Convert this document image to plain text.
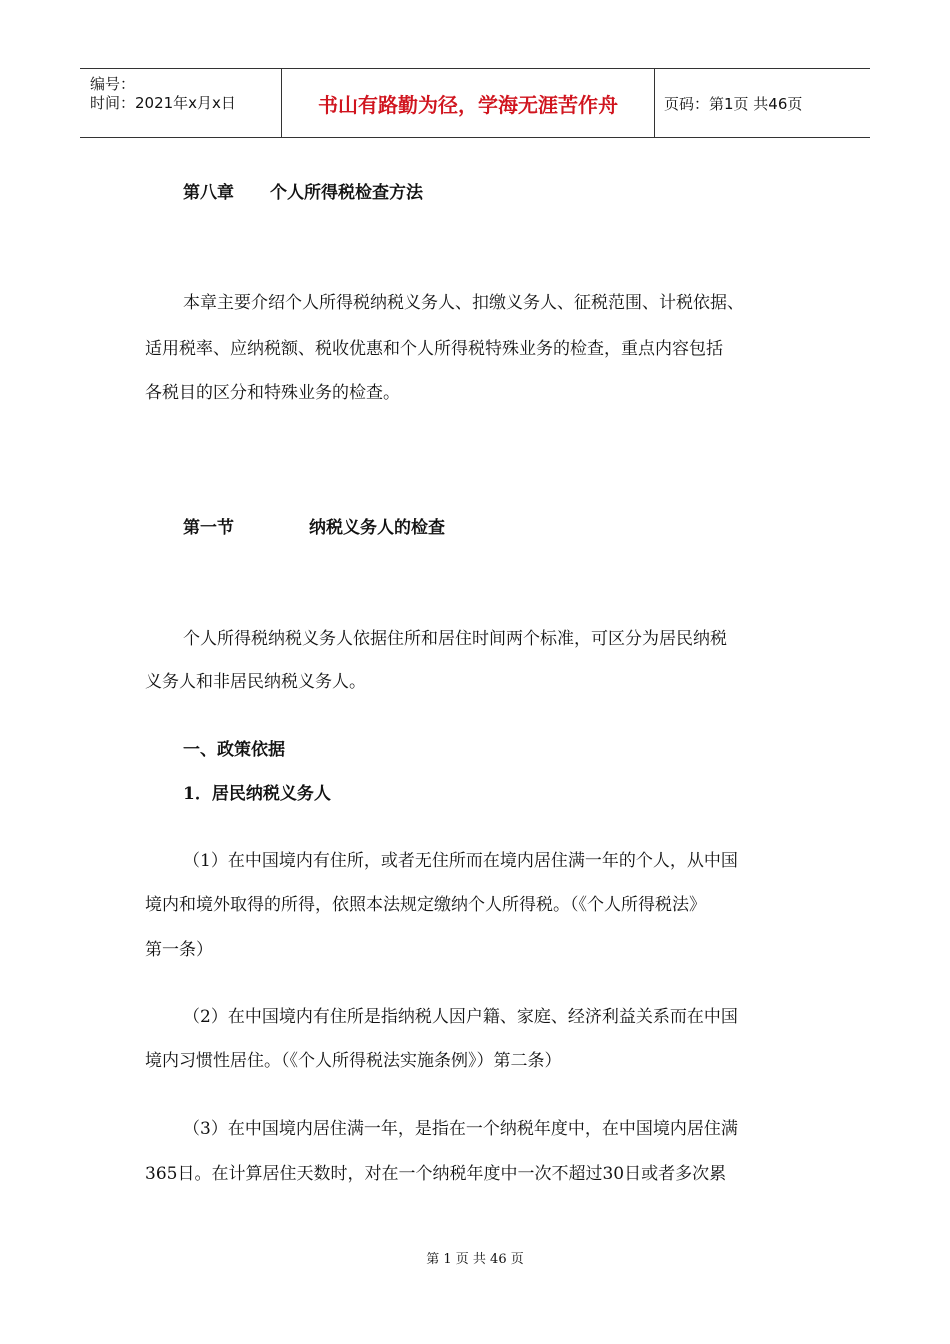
编号：
时间：2021年x月x日	书山有路勤为径，学海无涯苦作舟	页码：第1页 共46页
第八章 个人所得税检查方法
本章主要介绍个人所得税纳税义务人、扣缴义务人、征税范围、计税依据、
适用税率、应纳税额、税收优惠和个人所得税特殊业务的检查，重点内容包括
各税目的区分和特殊业务的检查。
第一节	纳税义务人的检查
个人所得税纳税义务人依据住所和居住时间两个标准，可区分为居民纳税
义务人和非居民纳税义务人。
一、政策依据
1．居民纳税义务人
（1）在中国境内有住所，或者无住所而在境内居住满一年的个人，从中国
境内和境外取得的所得，依照本法规定缴纳个人所得税。（《个人所得税法》
第一条）
（2）在中国境内有住所是指纳税人因户籍、家庭、经济利益关系而在中国
境内习惯性居住。（《个人所得税法实施条例》）第二条）
（3）在中国境内居住满一年，是指在一个纳税年度中，在中国境内居住满
365日。在计算居住天数时，对在一个纳税年度中一次不超过30日或者多次累
第 1 页 共 46 页
